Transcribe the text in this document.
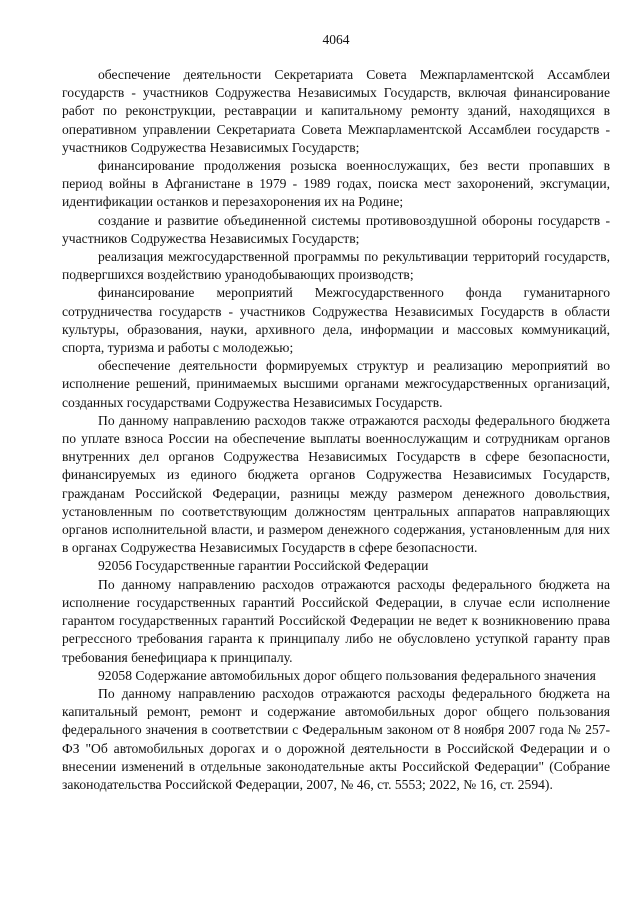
4064

обеспечение деятельности Секретариата Совета Межпарламентской Ассамблеи государств - участников Содружества Независимых Государств, включая финансирование работ по реконструкции, реставрации и капитальному ремонту зданий, находящихся в оперативном управлении Секретариата Совета Межпарламентской Ассамблеи государств - участников Содружества Независимых Государств;

финансирование продолжения розыска военнослужащих, без вести пропавших в период войны в Афганистане в 1979 - 1989 годах, поиска мест захоронений, эксгумации, идентификации останков и перезахоронения их на Родине;

создание и развитие объединенной системы противовоздушной обороны государств - участников Содружества Независимых Государств;

реализация межгосударственной программы по рекультивации территорий государств, подвергшихся воздействию уранодобывающих производств;

финансирование мероприятий Межгосударственного фонда гуманитарного сотрудничества государств - участников Содружества Независимых Государств в области культуры, образования, науки, архивного дела, информации и массовых коммуникаций, спорта, туризма и работы с молодежью;

обеспечение деятельности формируемых структур и реализацию мероприятий во исполнение решений, принимаемых высшими органами межгосударственных организаций, созданных государствами Содружества Независимых Государств.

По данному направлению расходов также отражаются расходы федерального бюджета по уплате взноса России на обеспечение выплаты военнослужащим и сотрудникам органов внутренних дел органов Содружества Независимых Государств в сфере безопасности, финансируемых из единого бюджета органов Содружества Независимых Государств, гражданам Российской Федерации, разницы между размером денежного довольствия, установленным по соответствующим должностям центральных аппаратов направляющих органов исполнительной власти, и размером денежного содержания, установленным для них в органах Содружества Независимых Государств в сфере безопасности.

92056 Государственные гарантии Российской Федерации

По данному направлению расходов отражаются расходы федерального бюджета на исполнение государственных гарантий Российской Федерации, в случае если исполнение гарантом государственных гарантий Российской Федерации не ведет к возникновению права регрессного требования гаранта к принципалу либо не обусловлено уступкой гаранту прав требования бенефициара к принципалу.

92058 Содержание автомобильных дорог общего пользования федерального значения

По данному направлению расходов отражаются расходы федерального бюджета на капитальный ремонт, ремонт и содержание автомобильных дорог общего пользования федерального значения в соответствии с Федеральным законом от 8 ноября 2007 года № 257-ФЗ "Об автомобильных дорогах и о дорожной деятельности в Российской Федерации и о внесении изменений в отдельные законодательные акты Российской Федерации" (Собрание законодательства Российской Федерации, 2007, № 46, ст. 5553; 2022, № 16, ст. 2594).
